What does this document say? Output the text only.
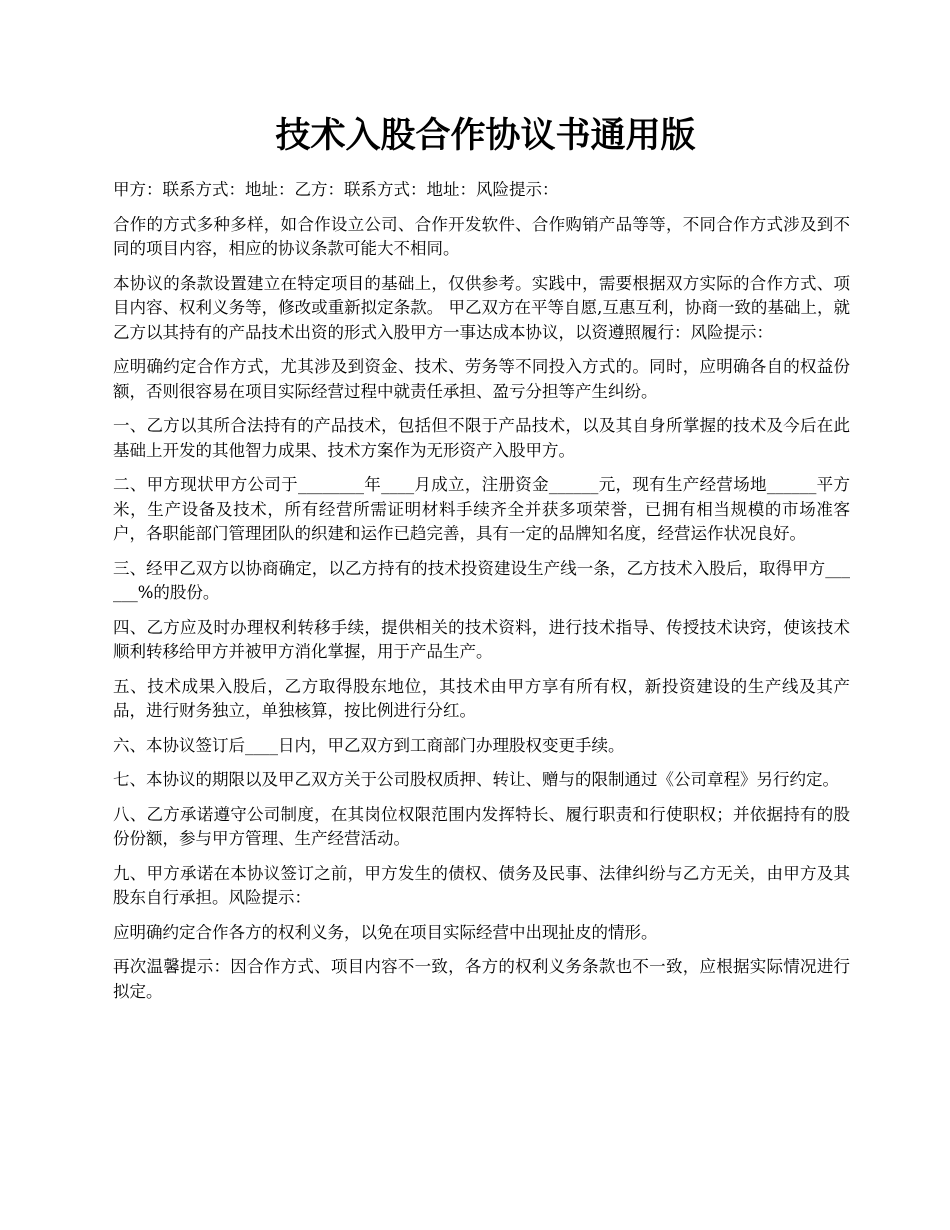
技术入股合作协议书通用版

甲方：联系方式：地址：乙方：联系方式：地址：风险提示：

合作的方式多种多样，如合作设立公司、合作开发软件、合作购销产品等等，不同合作方式涉及到不同的项目内容，相应的协议条款可能大不相同。

本协议的条款设置建立在特定项目的基础上，仅供参考。实践中，需要根据双方实际的合作方式、项目内容、权利义务等，修改或重新拟定条款。 甲乙双方在平等自愿,互惠互利，协商一致的基础上，就乙方以其持有的产品技术出资的形式入股甲方一事达成本协议，以资遵照履行：风险提示：

应明确约定合作方式，尤其涉及到资金、技术、劳务等不同投入方式的。同时，应明确各自的权益份额，否则很容易在项目实际经营过程中就责任承担、盈亏分担等产生纠纷。

一、乙方以其所合法持有的产品技术，包括但不限于产品技术，以及其自身所掌握的技术及今后在此基础上开发的其他智力成果、技术方案作为无形资产入股甲方。

二、甲方现状甲方公司于________年____月成立，注册资金______元，现有生产经营场地______平方米，生产设备及技术，所有经营所需证明材料手续齐全并获多项荣誉，已拥有相当规模的市场准客户，各职能部门管理团队的织建和运作已趋完善，具有一定的品牌知名度，经营运作状况良好。

三、经甲乙双方以协商确定，以乙方持有的技术投资建设生产线一条，乙方技术入股后，取得甲方______%的股份。

四、乙方应及时办理权利转移手续，提供相关的技术资料，进行技术指导、传授技术诀窍，使该技术顺利转移给甲方并被甲方消化掌握，用于产品生产。

五、技术成果入股后，乙方取得股东地位，其技术由甲方享有所有权，新投资建设的生产线及其产品，进行财务独立，单独核算，按比例进行分红。

六、本协议签订后____日内，甲乙双方到工商部门办理股权变更手续。

七、本协议的期限以及甲乙双方关于公司股权质押、转让、赠与的限制通过《公司章程》另行约定。

八、乙方承诺遵守公司制度，在其岗位权限范围内发挥特长、履行职责和行使职权；并依据持有的股份份额，参与甲方管理、生产经营活动。

九、甲方承诺在本协议签订之前，甲方发生的债权、债务及民事、法律纠纷与乙方无关，由甲方及其股东自行承担。风险提示：

应明确约定合作各方的权利义务，以免在项目实际经营中出现扯皮的情形。

再次温馨提示：因合作方式、项目内容不一致，各方的权利义务条款也不一致，应根据实际情况进行拟定。
